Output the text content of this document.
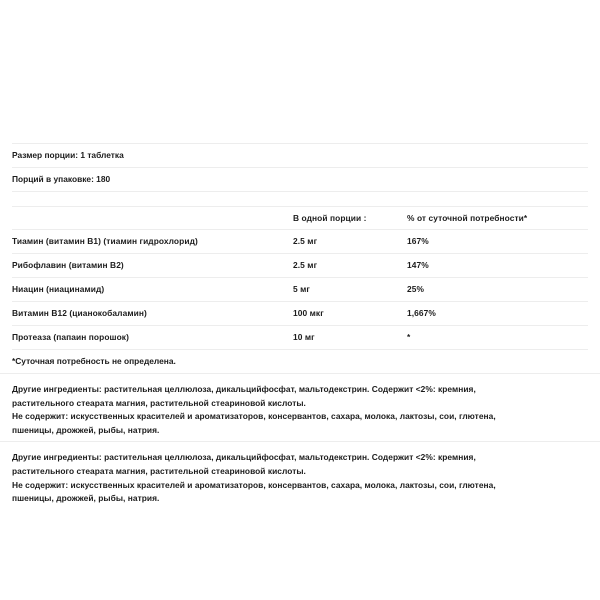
Размер порции: 1 таблетка		
Порций в упаковке: 180		

	В одной порции :	% от суточной потребности*
Тиамин (витамин B1) (тиамин гидрохлорид)	2.5 мг	167%
Рибофлавин (витамин B2)	2.5 мг	147%
Ниацин (ниацинамид)	5 мг	25%
Витамин B12 (цианокобаламин)	100 мкг	1,667%
Протеаза (папаин порошок)	10 мг	*
*Суточная потребность не определена.		
Другие ингредиенты: растительная целлюлоза, дикальцийфосфат, мальтодекстрин. Содержит <2%: кремния,
растительного стеарата магния, растительной стеариновой кислоты.
Не содержит: искусственных красителей и ароматизаторов, консервантов, сахара, молока, лактозы, сои, глютена,
пшеницы, дрожжей, рыбы, натрия.
Другие ингредиенты: растительная целлюлоза, дикальцийфосфат, мальтодекстрин. Содержит <2%: кремния,
растительного стеарата магния, растительной стеариновой кислоты.
Не содержит: искусственных красителей и ароматизаторов, консервантов, сахара, молока, лактозы, сои, глютена,
пшеницы, дрожжей, рыбы, натрия.
